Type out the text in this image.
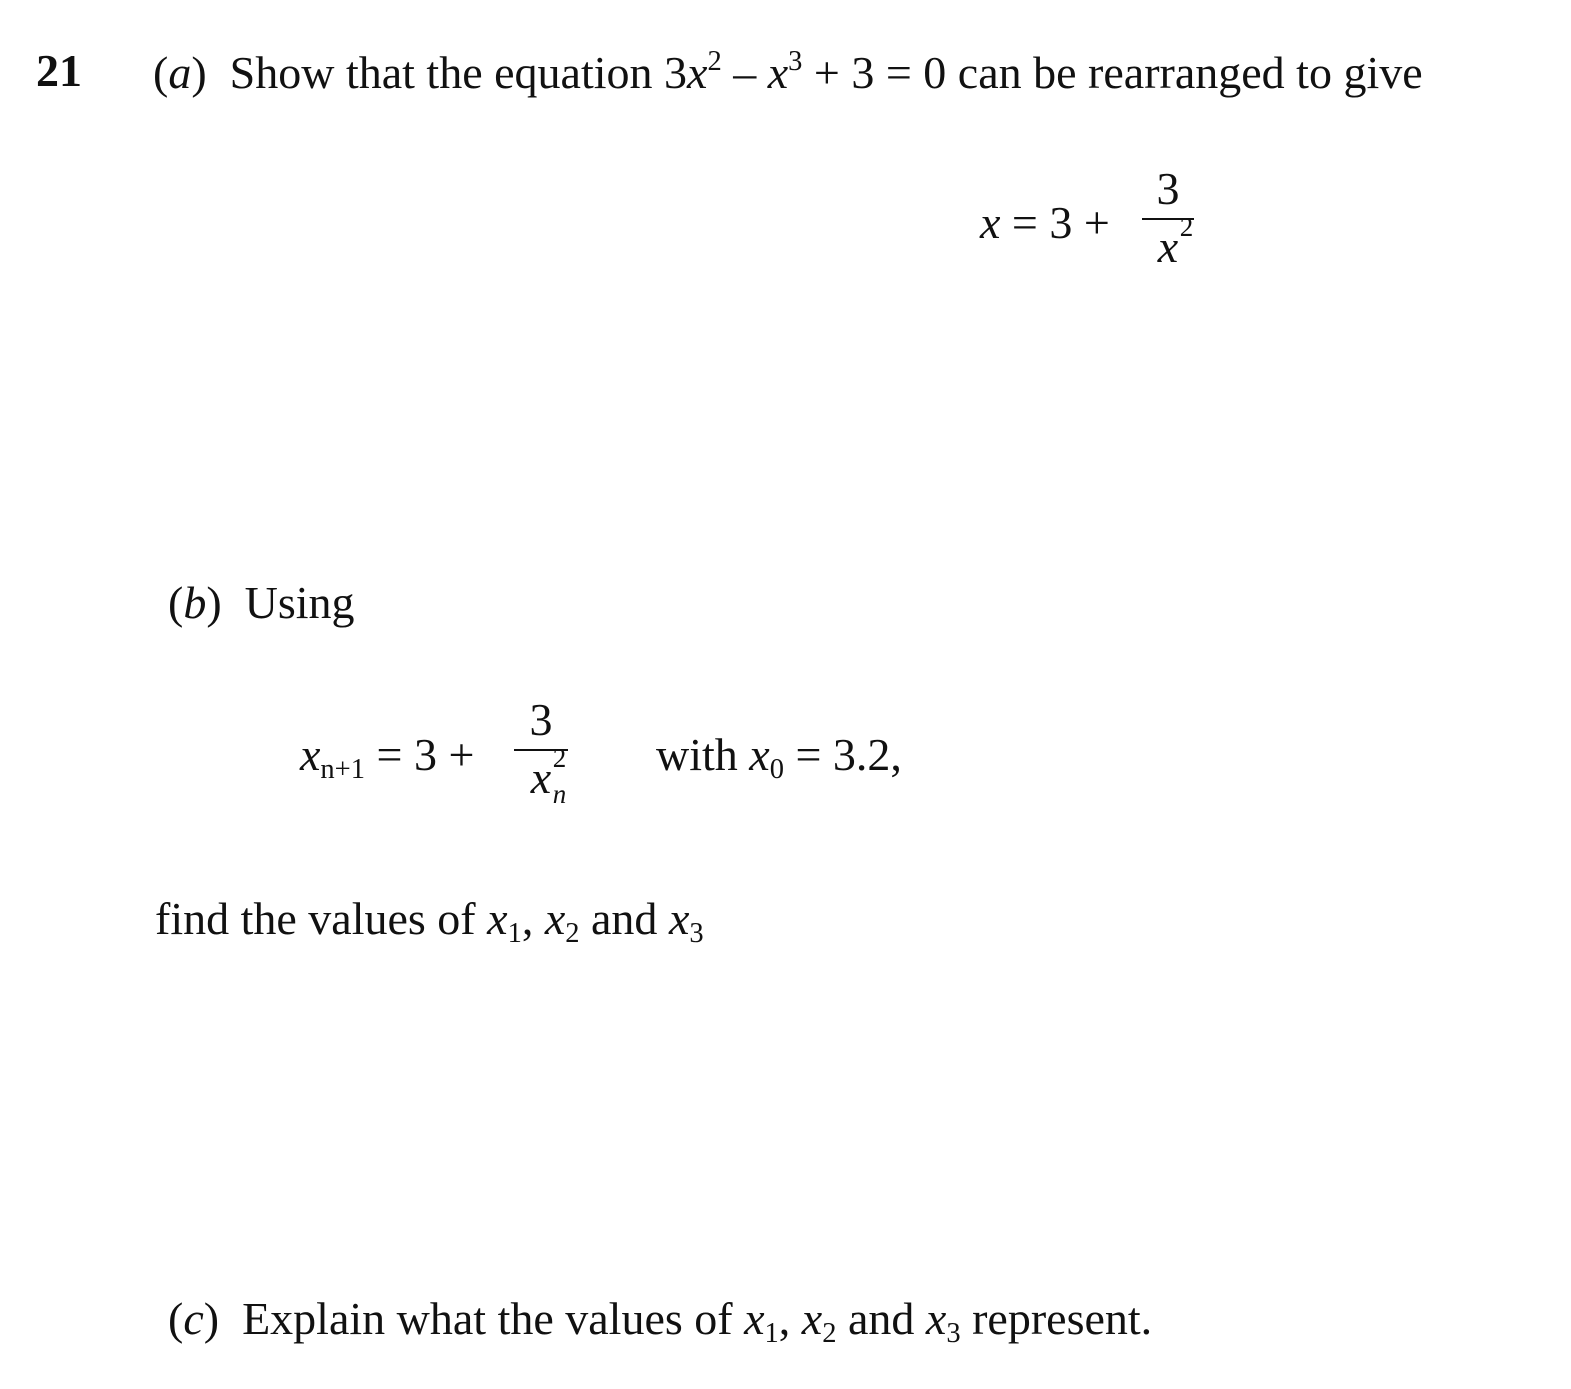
21 (a)  Show that the equation $3x^2 - x^3 + 3 = 0$ can be rearranged to give
x = 3 +
3
x 2
(b)  Using
$x_{n+1} = 3$ +
3
x 2
n
with $x_0 = 3.2$,
find the values of $x_1$, $x_2$ and $x_3$
(c)  Explain what the values of $x_1$, $x_2$ and $x_3$ represent.
